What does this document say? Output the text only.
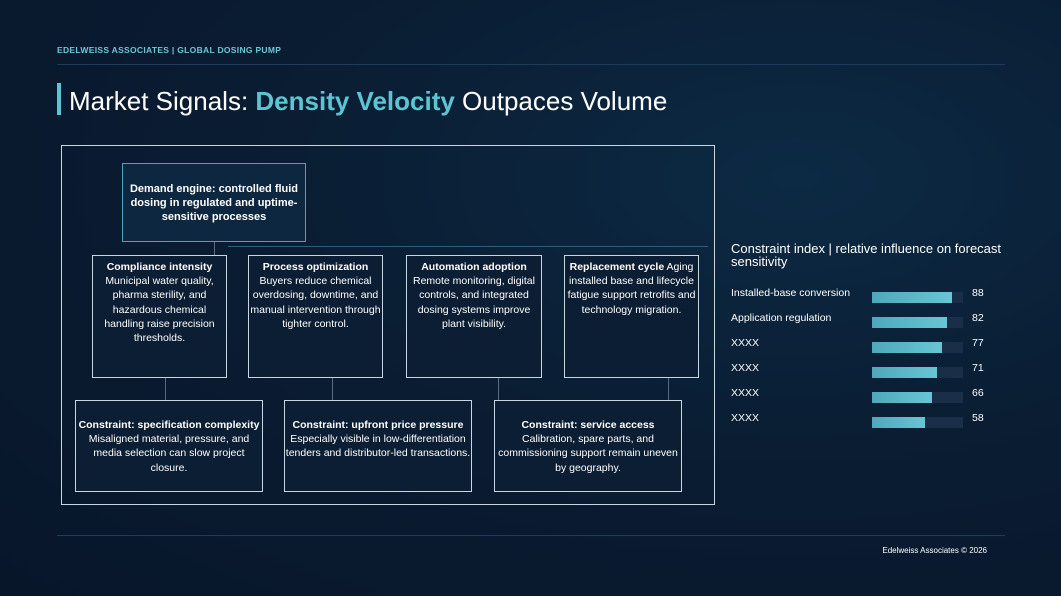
EDELWEISS ASSOCIATES | GLOBAL DOSING PUMP
Market Signals: Density Velocity Outpaces Volume
Demand engine: controlled fluid dosing in regulated and uptime-sensitive processes
Compliance intensity
Municipal water quality, pharma sterility, and hazardous chemical handling raise precision thresholds.
Process optimization
Buyers reduce chemical overdosing, downtime, and manual intervention through tighter control.
Automation adoption
Remote monitoring, digital controls, and integrated dosing systems improve plant visibility.
Replacement cycle Aging installed base and lifecycle fatigue support retrofits and technology migration.
Constraint: specification complexity
Misaligned material, pressure, and media selection can slow project closure.
Constraint: upfront price pressure
Especially visible in low-differentiation tenders and distributor-led transactions.
Constraint: service access
Calibration, spare parts, and commissioning support remain uneven by geography.
Constraint index | relative influence on forecast sensitivity
Installed-base conversion	88
Application regulation	82
XXXX	77
XXXX	71
XXXX	66
XXXX	58
Edelweiss Associates © 2026
